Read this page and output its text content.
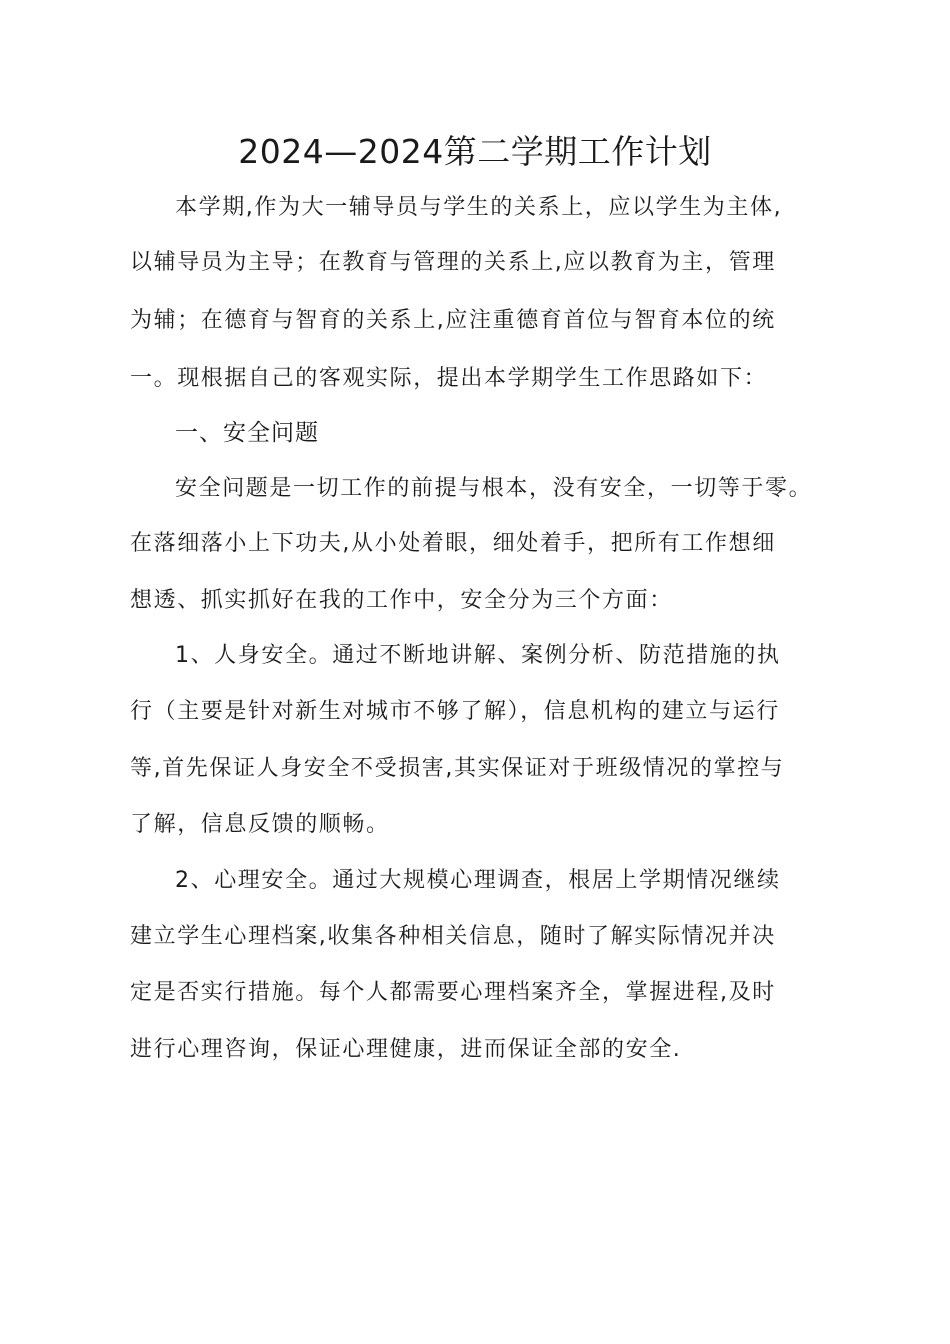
2024—2024第二学期工作计划
本学期,作为大一辅导员与学生的关系上，应以学生为主体,
以辅导员为主导；在教育与管理的关系上,应以教育为主，管理
为辅；在德育与智育的关系上,应注重德育首位与智育本位的统
一。现根据自己的客观实际，提出本学期学生工作思路如下：
一、安全问题
安全问题是一切工作的前提与根本，没有安全，一切等于零。
在落细落小上下功夫,从小处着眼，细处着手，把所有工作想细
想透、抓实抓好在我的工作中，安全分为三个方面：
1、人身安全。通过不断地讲解、案例分析、防范措施的执
行（主要是针对新生对城市不够了解），信息机构的建立与运行
等,首先保证人身安全不受损害,其实保证对于班级情况的掌控与
了解，信息反馈的顺畅。
2、心理安全。通过大规模心理调查，根居上学期情况继续
建立学生心理档案,收集各种相关信息，随时了解实际情况并决
定是否实行措施。每个人都需要心理档案齐全，掌握进程,及时
进行心理咨询，保证心理健康，进而保证全部的安全.
